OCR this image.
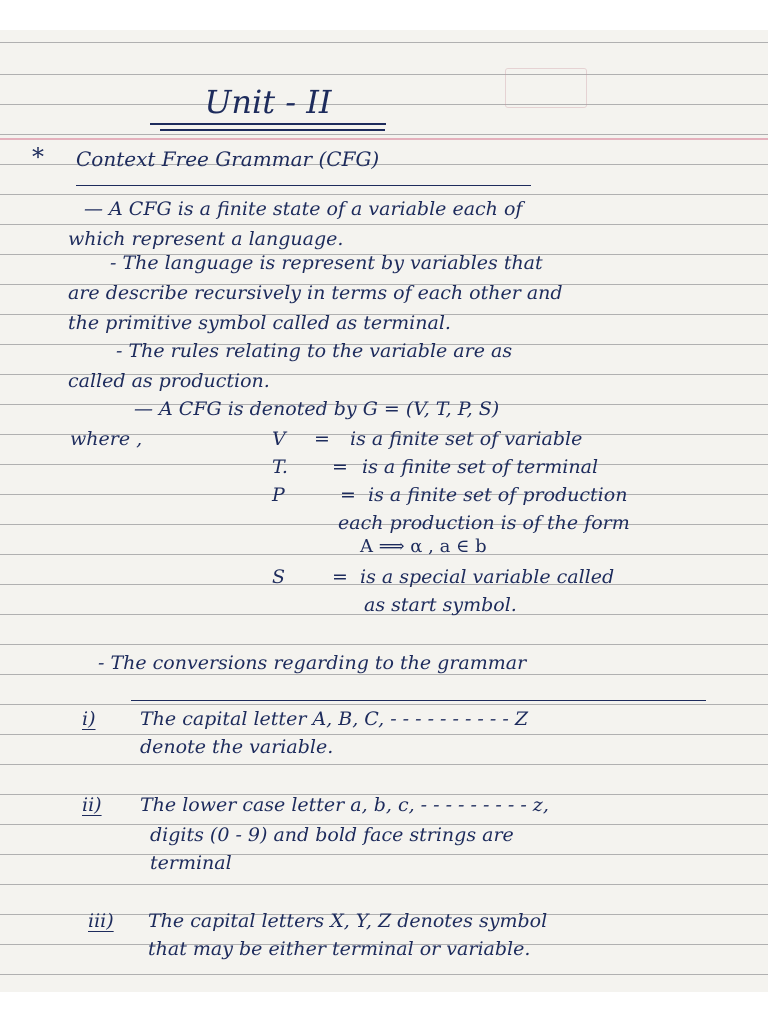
Unit - II
* Context Free Grammar (CFG)
— A CFG is a finite state of a variable each of
which represent a language.
- The language is represent by variables that
are describe recursively in terms of each other and
the primitive symbol called as terminal.
- The rules relating to the variable are as
called as production.
— A CFG is denoted by G = (V, T, P, S)
where ,	V = is a finite set of variable
T. = is a finite set of terminal
P	= is a finite set of production
each production is of the form
A ⟹ α , a ∈ b
S = is a special variable called
as start symbol.
- The conversions regarding to the grammar
i) The capital letter A, B, C, - - - - - - - - - - Z
denote the variable.
ii) The lower case letter a, b, c, - - - - - - - - - z,
digits (0 - 9) and bold face strings are
terminal
iii) The capital letters X, Y, Z denotes symbol
that may be either terminal or variable.
